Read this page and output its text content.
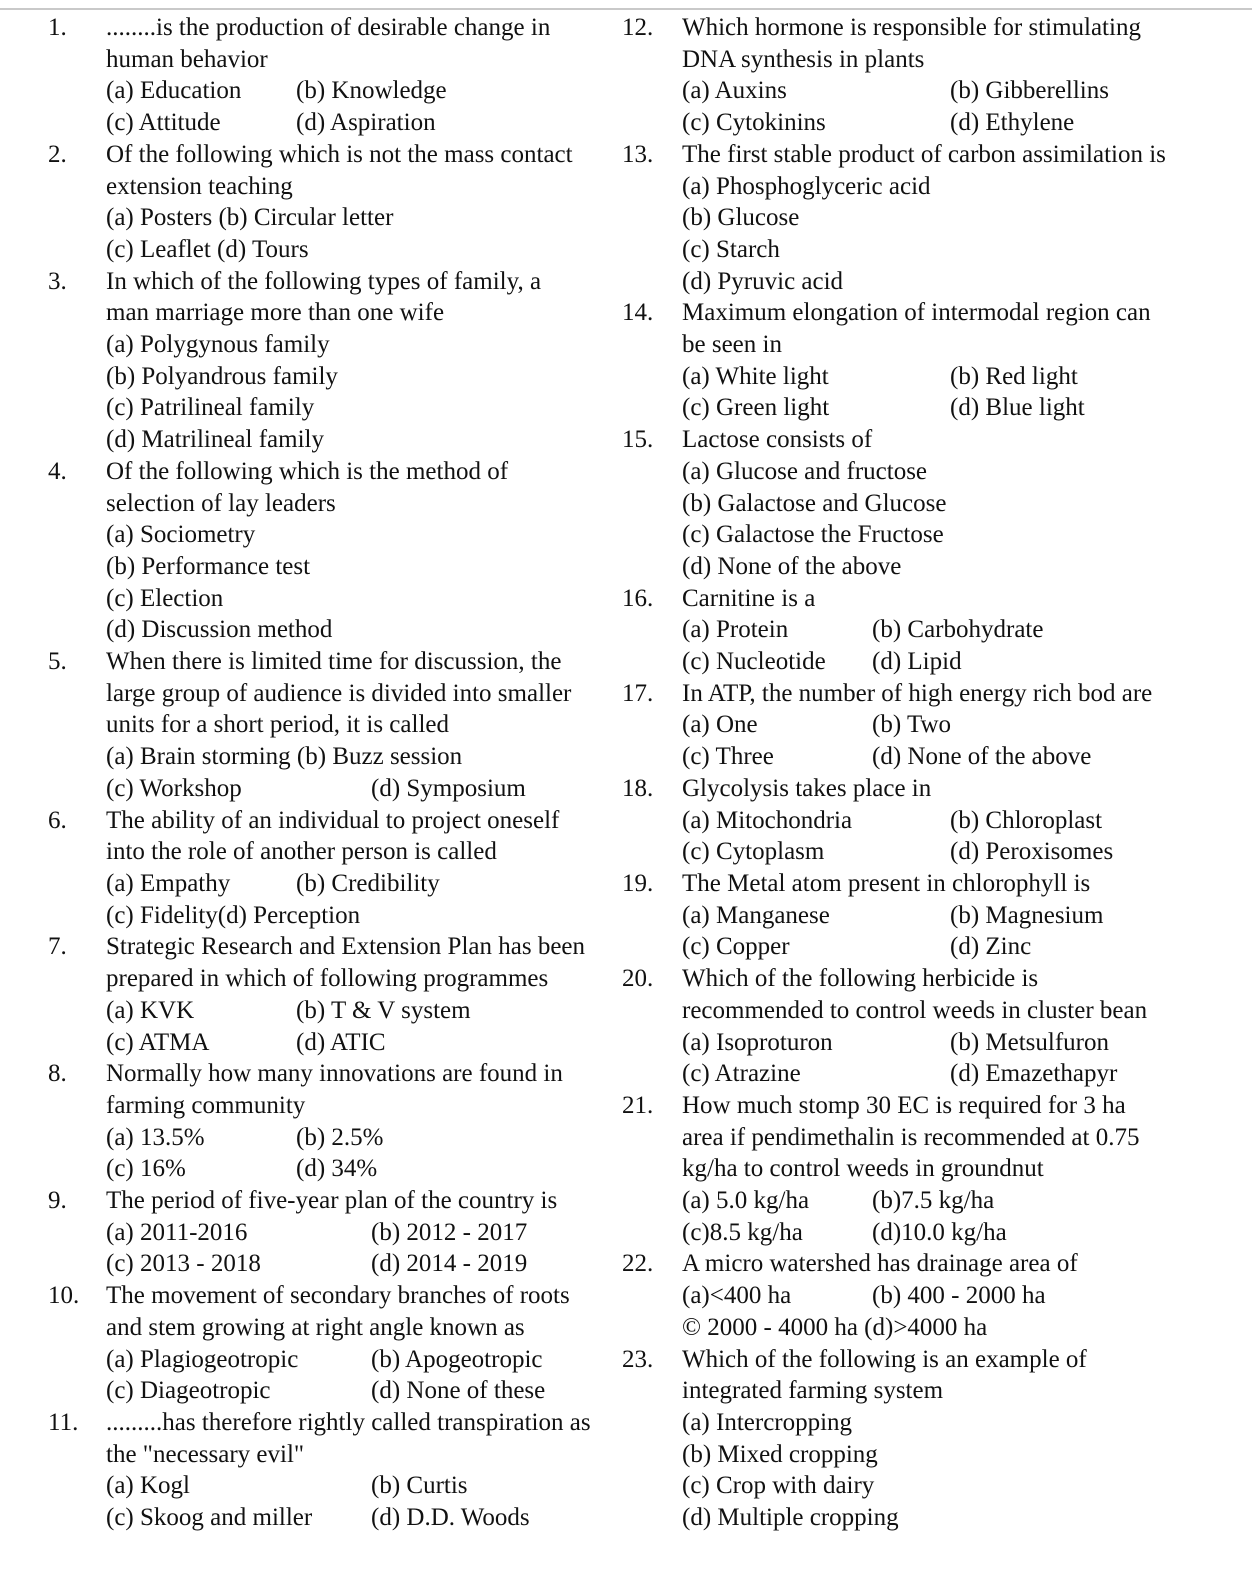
1.	........is the production of desirable change in
human behavior
(a) Education	(b) Knowledge
(c) Attitude	(d) Aspiration
2.	Of the following which is not the mass contact
extension teaching
(a) Posters (b) Circular letter
(c) Leaflet (d) Tours
3.	In which of the following types of family, a
man marriage more than one wife
(a) Polygynous family
(b) Polyandrous family
(c) Patrilineal family
(d) Matrilineal family
4.	Of the following which is the method of
selection of lay leaders
(a) Sociometry
(b) Performance test
(c) Election
(d) Discussion method
5.	When there is limited time for discussion, the
large group of audience is divided into smaller
units for a short period, it is called
(a) Brain storming (b) Buzz session
(c) Workshop	(d) Symposium
6.	The ability of an individual to project oneself
into the role of another person is called
(a) Empathy	(b) Credibility
(c) Fidelity(d) Perception
7.	Strategic Research and Extension Plan has been
prepared in which of following programmes
(a) KVK	(b) T & V system
(c) ATMA	(d) ATIC
8.	Normally how many innovations are found in
farming community
(a) 13.5%	(b) 2.5%
(c) 16%	(d) 34%
9.	The period of five-year plan of the country is
(a) 2011-2016	(b) 2012 - 2017
(c) 2013 - 2018	(d) 2014 - 2019
10.	The movement of secondary branches of roots
and stem growing at right angle known as
(a) Plagiogeotropic	(b) Apogeotropic
(c) Diageotropic	(d) None of these
11.	.........has therefore rightly called transpiration as
the "necessary evil"
(a) Kogl	(b) Curtis
(c) Skoog and miller	(d) D.D. Woods
12.	Which hormone is responsible for stimulating
DNA synthesis in plants
(a) Auxins	(b) Gibberellins
(c) Cytokinins	(d) Ethylene
13.	The first stable product of carbon assimilation is
(a) Phosphoglyceric acid
(b) Glucose
(c) Starch
(d) Pyruvic acid
14.	Maximum elongation of intermodal region can
be seen in
(a) White light	(b) Red light
(c) Green light	(d) Blue light
15.	Lactose consists of
(a) Glucose and fructose
(b) Galactose and Glucose
(c) Galactose the Fructose
(d) None of the above
16.	Carnitine is a
(a) Protein	(b) Carbohydrate
(c) Nucleotide	(d) Lipid
17.	In ATP, the number of high energy rich bod are
(a) One	(b) Two
(c) Three	(d) None of the above
18.	Glycolysis takes place in
(a) Mitochondria	(b) Chloroplast
(c) Cytoplasm	(d) Peroxisomes
19.	The Metal atom present in chlorophyll is
(a) Manganese	(b) Magnesium
(c) Copper	(d) Zinc
20.	Which of the following herbicide is
recommended to control weeds in cluster bean
(a) Isoproturon	(b) Metsulfuron
(c) Atrazine	(d) Emazethapyr
21.	How much stomp 30 EC is required for 3 ha
area if pendimethalin is recommended at 0.75
kg/ha to control weeds in groundnut
(a) 5.0 kg/ha	(b)7.5 kg/ha
(c)8.5 kg/ha	(d)10.0 kg/ha
22.	A micro watershed has drainage area of
(a)<400 ha	(b) 400 - 2000 ha
© 2000 - 4000 ha (d)>4000 ha
23.	Which of the following is an example of
integrated farming system
(a) Intercropping
(b) Mixed cropping
(c) Crop with dairy
(d) Multiple cropping
